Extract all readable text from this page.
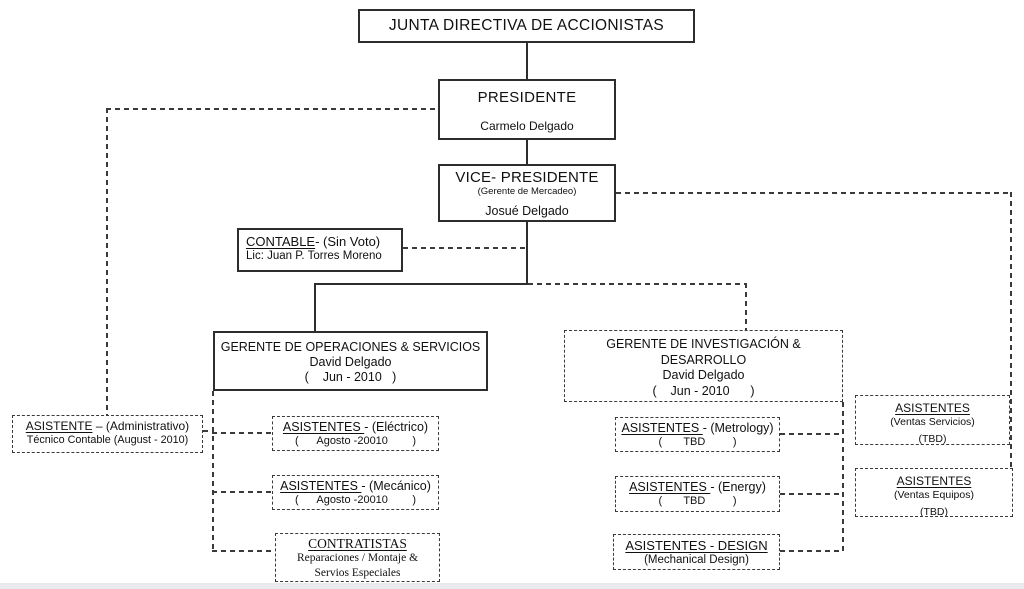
JUNTA DIRECTIVA DE ACCIONISTAS
PRESIDENTE
Carmelo Delgado
VICE- PRESIDENTE
(Gerente de Mercadeo)
Josué Delgado
CONTABLE- (Sin Voto)
Lic: Juan P. Torres Moreno
GERENTE DE OPERACIONES & SERVICIOS
David Delgado
(    Jun - 2010   )
GERENTE DE INVESTIGACIÓN &
DESARROLLO
David Delgado
(    Jun - 2010      )
ASISTENTE – (Administrativo)
Técnico Contable (August - 2010)
ASISTENTES - (Eléctrico)
(      Agosto -20010        )
ASISTENTES - (Mecánico)
(      Agosto -20010        )
CONTRATISTAS
Reparaciones / Montaje &
Servios Especiales
ASISTENTES - (Metrology)
(       TBD         )
ASISTENTES - (Energy)
(       TBD         )
ASISTENTES - DESIGN
(Mechanical Design)
ASISTENTES
(Ventas Servicios)
(TBD)
ASISTENTES
(Ventas Equipos)
(TBD)
